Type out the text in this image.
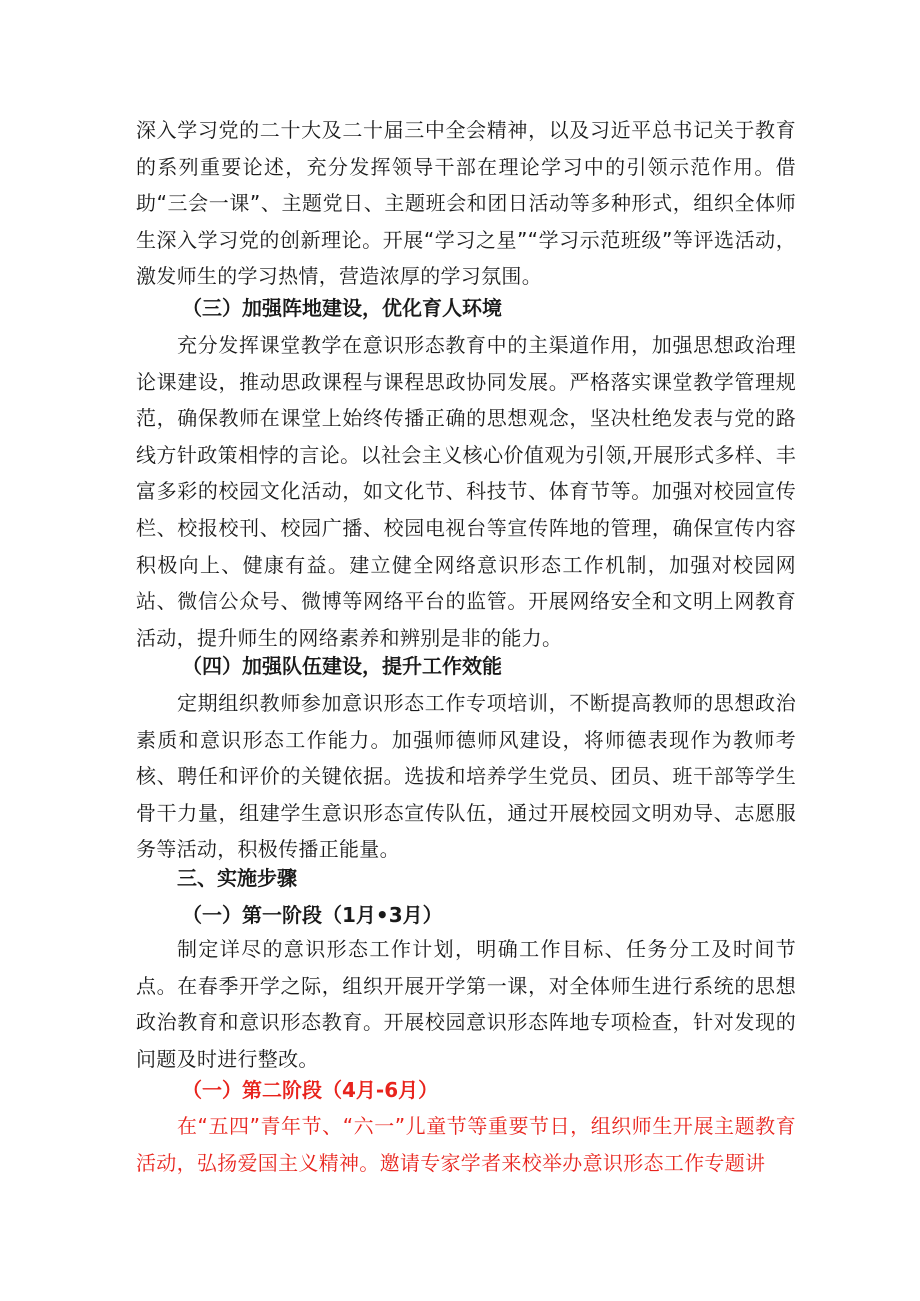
深入学习党的二十大及二十届三中全会精神，以及习近平总书记关于教育的系列重要论述，充分发挥领导干部在理论学习中的引领示范作用。借助“三会一课”、主题党日、主题班会和团日活动等多种形式，组织全体师生深入学习党的创新理论。开展“学习之星”“学习示范班级”等评选活动，激发师生的学习热情，营造浓厚的学习氛围。

（三）加强阵地建设，优化育人环境

充分发挥课堂教学在意识形态教育中的主渠道作用，加强思想政治理论课建设，推动思政课程与课程思政协同发展。严格落实课堂教学管理规范，确保教师在课堂上始终传播正确的思想观念，坚决杜绝发表与党的路线方针政策相悖的言论。以社会主义核心价值观为引领,开展形式多样、丰富多彩的校园文化活动，如文化节、科技节、体育节等。加强对校园宣传栏、校报校刊、校园广播、校园电视台等宣传阵地的管理，确保宣传内容积极向上、健康有益。建立健全网络意识形态工作机制，加强对校园网站、微信公众号、微博等网络平台的监管。开展网络安全和文明上网教育活动，提升师生的网络素养和辨别是非的能力。

（四）加强队伍建设，提升工作效能

定期组织教师参加意识形态工作专项培训，不断提高教师的思想政治素质和意识形态工作能力。加强师德师风建设，将师德表现作为教师考核、聘任和评价的关键依据。选拔和培养学生党员、团员、班干部等学生骨干力量，组建学生意识形态宣传队伍，通过开展校园文明劝导、志愿服务等活动，积极传播正能量。

三、实施步骤

（一）第一阶段（1月•3月）

制定详尽的意识形态工作计划，明确工作目标、任务分工及时间节点。在春季开学之际，组织开展开学第一课，对全体师生进行系统的思想政治教育和意识形态教育。开展校园意识形态阵地专项检查，针对发现的问题及时进行整改。

（一）第二阶段（4月-6月）

在“五四”青年节、“六一”儿童节等重要节日，组织师生开展主题教育活动，弘扬爱国主义精神。邀请专家学者来校举办意识形态工作专题讲
